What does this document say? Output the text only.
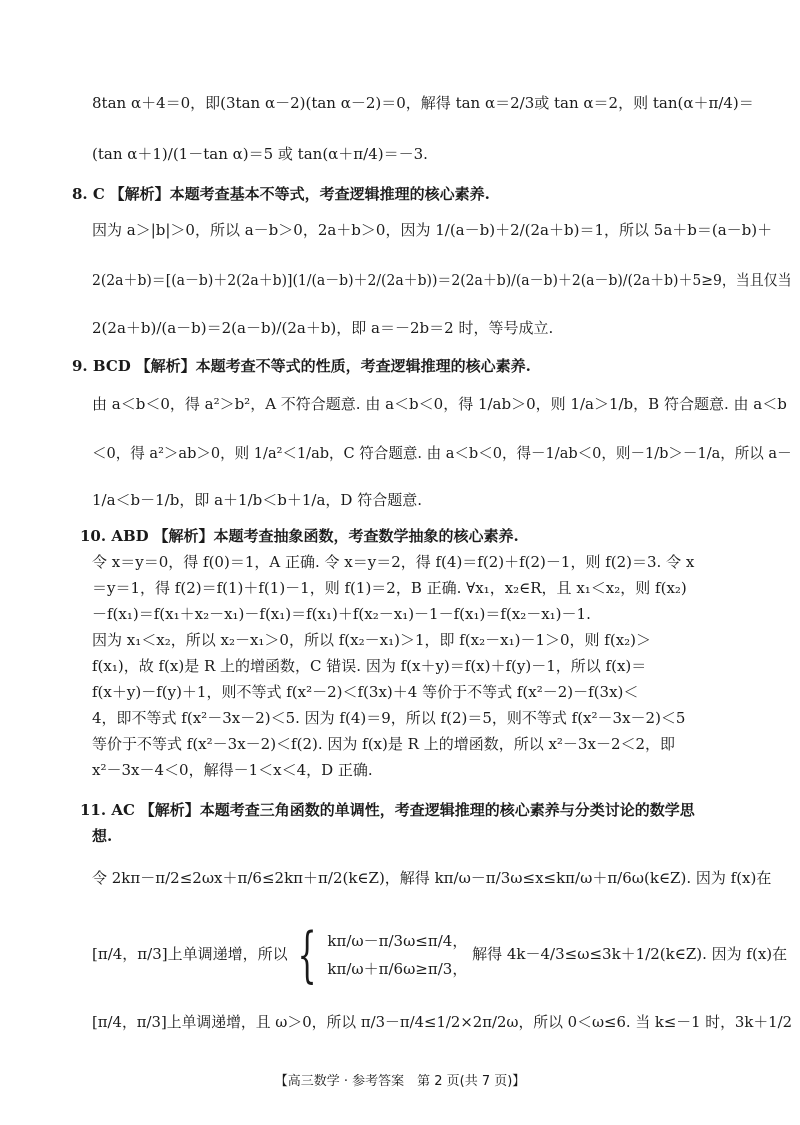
8tan α＋4＝0，即(3tan α－2)(tan α－2)＝0，解得 tan α＝2/3或 tan α＝2，则 tan(α＋π/4)＝
(tan α＋1)/(1－tan α)＝5 或 tan(α＋π/4)＝－3.
8. C 【解析】本题考查基本不等式，考查逻辑推理的核心素养.
因为 a＞|b|＞0，所以 a－b＞0，2a＋b＞0，因为 1/(a－b)＋2/(2a＋b)＝1，所以 5a＋b＝(a－b)＋
2(2a＋b)＝[(a－b)＋2(2a＋b)](1/(a－b)＋2/(2a＋b))＝2(2a＋b)/(a－b)＋2(a－b)/(2a＋b)＋5≥9，当且仅当
2(2a＋b)/(a－b)＝2(a－b)/(2a＋b)，即 a＝－2b＝2 时，等号成立.
9. BCD 【解析】本题考查不等式的性质，考查逻辑推理的核心素养.
由 a＜b＜0，得 a²＞b²，A 不符合题意. 由 a＜b＜0，得 1/ab＞0，则 1/a＞1/b，B 符合题意. 由 a＜b
＜0，得 a²＞ab＞0，则 1/a²＜1/ab，C 符合题意. 由 a＜b＜0，得－1/ab＜0，则－1/b＞－1/a，所以 a－
1/a＜b－1/b，即 a＋1/b＜b＋1/a，D 符合题意.
10. ABD 【解析】本题考查抽象函数，考查数学抽象的核心素养.
令 x＝y＝0，得 f(0)＝1，A 正确. 令 x＝y＝2，得 f(4)＝f(2)＋f(2)－1，则 f(2)＝3. 令 x
＝y＝1，得 f(2)＝f(1)＋f(1)－1，则 f(1)＝2，B 正确. ∀x₁，x₂∈R，且 x₁＜x₂，则 f(x₂)
－f(x₁)＝f(x₁＋x₂－x₁)－f(x₁)＝f(x₁)＋f(x₂－x₁)－1－f(x₁)＝f(x₂－x₁)－1.
因为 x₁＜x₂，所以 x₂－x₁＞0，所以 f(x₂－x₁)＞1，即 f(x₂－x₁)－1＞0，则 f(x₂)＞
f(x₁)，故 f(x)是 R 上的增函数，C 错误. 因为 f(x＋y)＝f(x)＋f(y)－1，所以 f(x)＝
f(x＋y)－f(y)＋1，则不等式 f(x²－2)＜f(3x)＋4 等价于不等式 f(x²－2)－f(3x)＜
4，即不等式 f(x²－3x－2)＜5. 因为 f(4)＝9，所以 f(2)＝5，则不等式 f(x²－3x－2)＜5
等价于不等式 f(x²－3x－2)＜f(2). 因为 f(x)是 R 上的增函数，所以 x²－3x－2＜2，即
x²－3x－4＜0，解得－1＜x＜4，D 正确.
11. AC 【解析】本题考查三角函数的单调性，考查逻辑推理的核心素养与分类讨论的数学思
想.
令 2kπ－π/2≤2ωx＋π/6≤2kπ＋π/2(k∈Z)，解得 kπ/ω－π/3ω≤x≤kπ/ω＋π/6ω(k∈Z). 因为 f(x)在
[π/4，π/3]上单调递增，所以 { kπ/ω－π/3ω≤π/4，
kπ/ω＋π/6ω≥π/3，
解得 4k－4/3≤ω≤3k＋1/2(k∈Z). 因为 f(x)在
[π/4，π/3]上单调递增，且 ω＞0，所以 π/3－π/4≤1/2×2π/2ω，所以 0＜ω≤6. 当 k≤－1 时，3k＋1/2
【高三数学 · 参考答案　第 2 页(共 7 页)】
